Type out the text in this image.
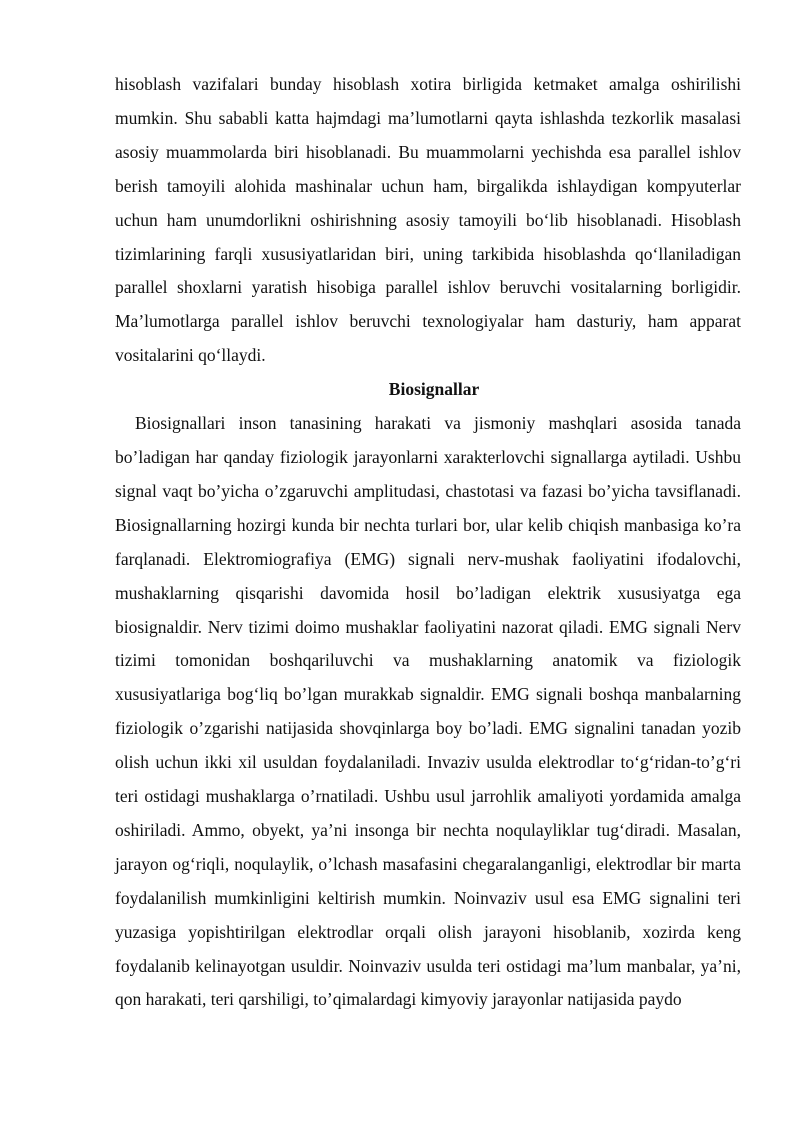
hisoblash vazifalari bunday hisoblash xotira birligida ketmaket amalga oshirilishi mumkin. Shu sababli katta hajmdagi ma’lumotlarni qayta ishlashda tezkorlik masalasi asosiy muammolarda biri hisoblanadi. Bu muammolarni yechishda esa parallel ishlov berish tamoyili alohida mashinalar uchun ham, birgalikda ishlaydigan kompyuterlar uchun ham unumdorlikni oshirishning asosiy tamoyili bo‘lib hisoblanadi. Hisoblash tizimlarining farqli xususiyatlaridan biri, uning tarkibida hisoblashda qo‘llaniladigan parallel shoxlarni yaratish hisobiga parallel ishlov beruvchi vositalarning borligidir. Ma’lumotlarga parallel ishlov beruvchi texnologiyalar ham dasturiy, ham apparat vositalarini qo‘llaydi.

Biosignallar

Biosignallari inson tanasining harakati va jismoniy mashqlari asosida tanada bo’ladigan har qanday fiziologik jarayonlarni xarakterlovchi signallarga aytiladi. Ushbu signal vaqt bo’yicha o’zgaruvchi amplitudasi, chastotasi va fazasi bo’yicha tavsiflanadi. Biosignallarning hozirgi kunda bir nechta turlari bor, ular kelib chiqish manbasiga ko’ra farqlanadi. Elektromiografiya (EMG) signali nerv-mushak faoliyatini ifodalovchi, mushaklarning qisqarishi davomida hosil bo’ladigan elektrik xususiyatga ega biosignaldir. Nerv tizimi doimo mushaklar faoliyatini nazorat qiladi. EMG signali Nerv tizimi tomonidan boshqariluvchi va mushaklarning anatomik va fiziologik xususiyatlariga bog‘liq bo’lgan murakkab signaldir. EMG signali boshqa manbalarning fiziologik o’zgarishi natijasida shovqinlarga boy bo’ladi. EMG signalini tanadan yozib olish uchun ikki xil usuldan foydalaniladi. Invaziv usulda elektrodlar to‘g‘ridan-to’g‘ri teri ostidagi mushaklarga o’rnatiladi. Ushbu usul jarrohlik amaliyoti yordamida amalga oshiriladi. Ammo, obyekt, ya’ni insonga bir nechta noqulayliklar tug‘diradi. Masalan, jarayon og‘riqli, noqulaylik, o’lchash masafasini chegaralanganligi, elektrodlar bir marta foydalanilish mumkinligini keltirish mumkin. Noinvaziv usul esa EMG signalini teri yuzasiga yopishtirilgan elektrodlar orqali olish jarayoni hisoblanib, xozirda keng foydalanib kelinayotgan usuldir. Noinvaziv usulda teri ostidagi ma’lum manbalar, ya’ni, qon harakati, teri qarshiligi, to’qimalardagi kimyoviy jarayonlar natijasida paydo
